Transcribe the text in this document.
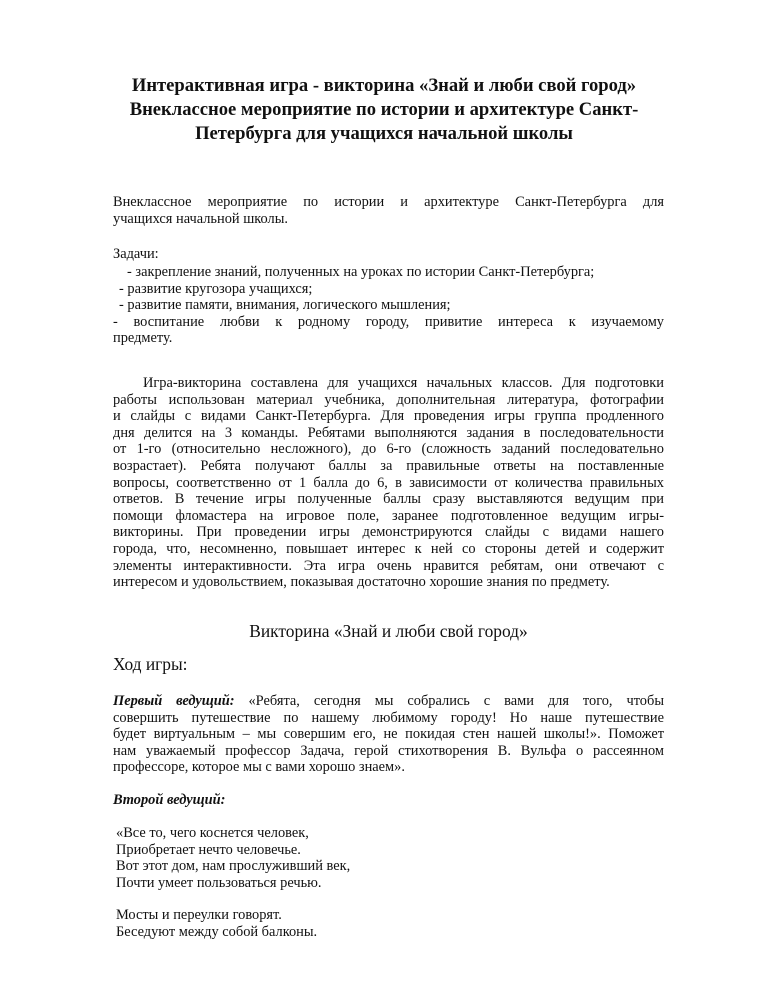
Интерактивная игра - викторина «Знай и люби свой город»
Внеклассное мероприятие по истории и архитектуре Санкт-
Петербурга для учащихся начальной школы
Внеклассное мероприятие по истории и архитектуре Санкт-Петербурга для
учащихся начальной школы.
Задачи:
- закрепление знаний, полученных на уроках по истории Санкт-Петербурга;
- развитие кругозора учащихся;
- развитие памяти, внимания, логического мышления;
- воспитание любви к родному городу, привитие интереса к изучаемому
предмету.
Игра-викторина составлена для учащихся начальных классов. Для подготовки
работы использован материал учебника, дополнительная литература, фотографии
и слайды с видами Санкт-Петербурга. Для проведения игры группа продленного
дня делится на 3 команды. Ребятами выполняются задания в последовательности
от 1-го (относительно несложного), до 6-го (сложность заданий последовательно
возрастает). Ребята получают баллы за правильные ответы на поставленные
вопросы, соответственно от 1 балла до 6, в зависимости от количества правильных
ответов. В течение игры полученные баллы сразу выставляются ведущим при
помощи фломастера на игровое поле, заранее подготовленное ведущим игры-
викторины. При проведении игры демонстрируются слайды с видами нашего
города, что, несомненно, повышает интерес к ней со стороны детей и содержит
элементы интерактивности. Эта игра очень нравится ребятам, они отвечают с
интересом и удовольствием, показывая достаточно хорошие знания по предмету.
Викторина «Знай и люби свой город»
Ход игры:
Первый ведущий: «Ребята, сегодня мы собрались с вами для того, чтобы
совершить путешествие по нашему любимому городу! Но наше путешествие
будет виртуальным – мы совершим его, не покидая стен нашей школы!». Поможет
нам уважаемый профессор Задача, герой стихотворения В. Вульфа о рассеянном
профессоре, которое мы с вами хорошо знаем».
Второй ведущий:
«Все то, чего коснется человек,
Приобретает нечто человечье.
Вот этот дом, нам прослуживший век,
Почти умеет пользоваться речью.
Мосты и переулки говорят.
Беседуют между собой балконы.
